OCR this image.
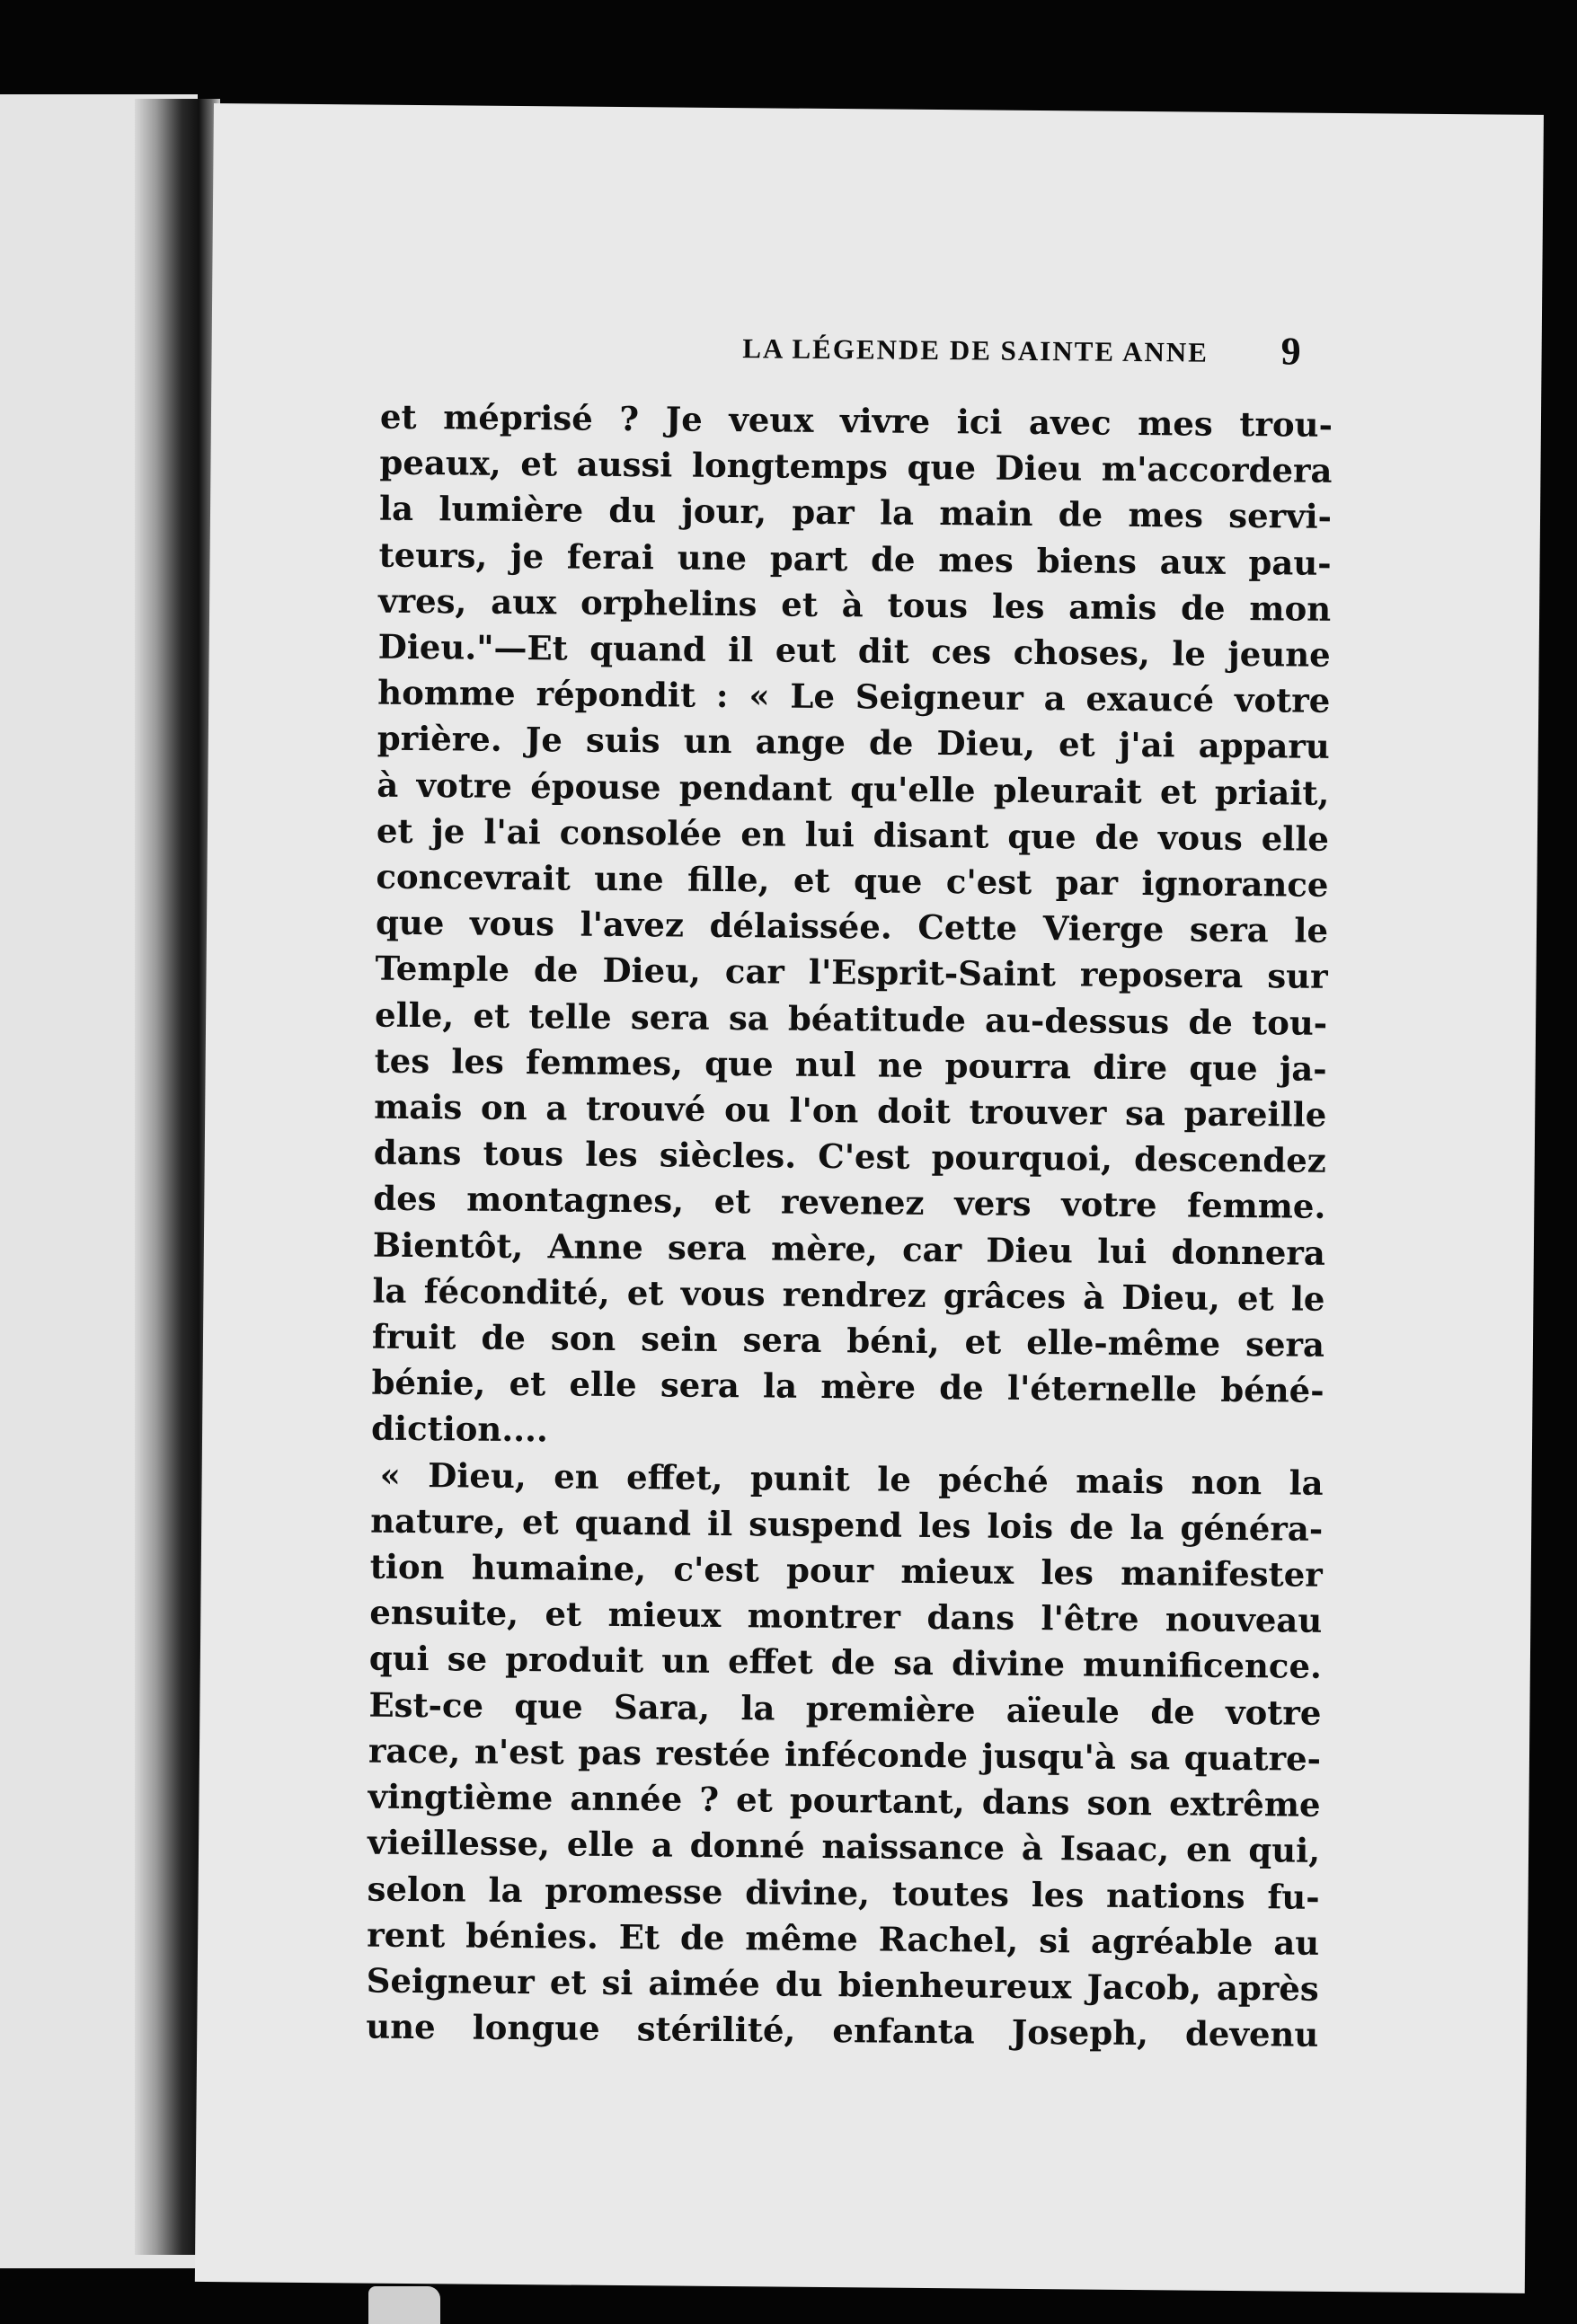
LA LÉGENDE DE SAINTE ANNE	9
et méprisé ? Je veux vivre ici avec mes trou-
peaux, et aussi longtemps que Dieu m'accordera
la lumière du jour, par la main de mes servi-
teurs, je ferai une part de mes biens aux pau-
vres, aux orphelins et à tous les amis de mon
Dieu."—Et quand il eut dit ces choses, le jeune
homme répondit : « Le Seigneur a exaucé votre
prière. Je suis un ange de Dieu, et j'ai apparu
à votre épouse pendant qu'elle pleurait et priait,
et je l'ai consolée en lui disant que de vous elle
concevrait une fille, et que c'est par ignorance
que vous l'avez délaissée. Cette Vierge sera le
Temple de Dieu, car l'Esprit-Saint reposera sur
elle, et telle sera sa béatitude au-dessus de tou-
tes les femmes, que nul ne pourra dire que ja-
mais on a trouvé ou l'on doit trouver sa pareille
dans tous les siècles. C'est pourquoi, descendez
des montagnes, et revenez vers votre femme.
Bientôt, Anne sera mère, car Dieu lui donnera
la fécondité, et vous rendrez grâces à Dieu, et le
fruit de son sein sera béni, et elle-même sera
bénie, et elle sera la mère de l'éternelle béné-
diction....
« Dieu, en effet, punit le péché mais non la
nature, et quand il suspend les lois de la généra-
tion humaine, c'est pour mieux les manifester
ensuite, et mieux montrer dans l'être nouveau
qui se produit un effet de sa divine munificence.
Est-ce que Sara, la première aïeule de votre
race, n'est pas restée inféconde jusqu'à sa quatre-
vingtième année ? et pourtant, dans son extrême
vieillesse, elle a donné naissance à Isaac, en qui,
selon la promesse divine, toutes les nations fu-
rent bénies. Et de même Rachel, si agréable au
Seigneur et si aimée du bienheureux Jacob, après
une longue stérilité, enfanta Joseph, devenu
